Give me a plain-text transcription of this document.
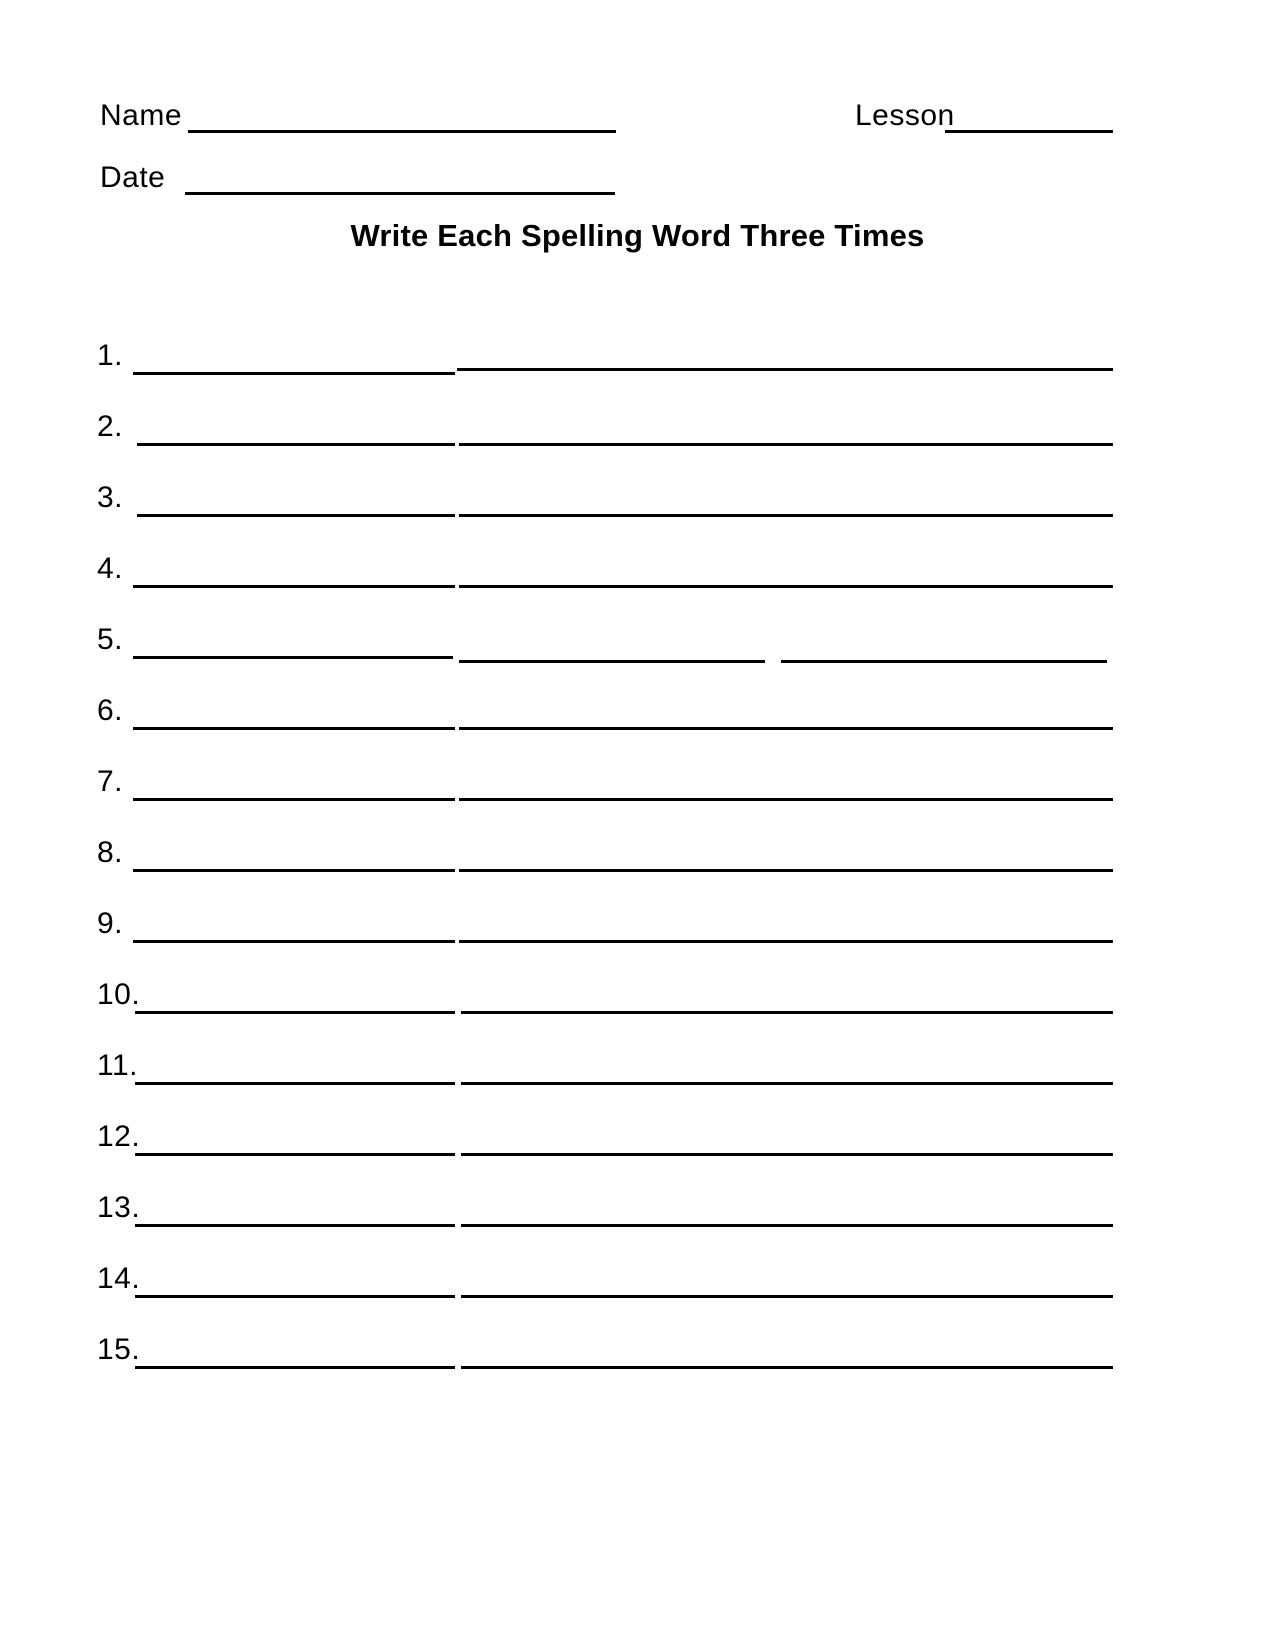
Name	Lesson
Date
Write Each Spelling Word Three Times
1.
2.
3.
4.
5.
6.
7.
8.
9.
10.
11.
12.
13.
14.
15.
